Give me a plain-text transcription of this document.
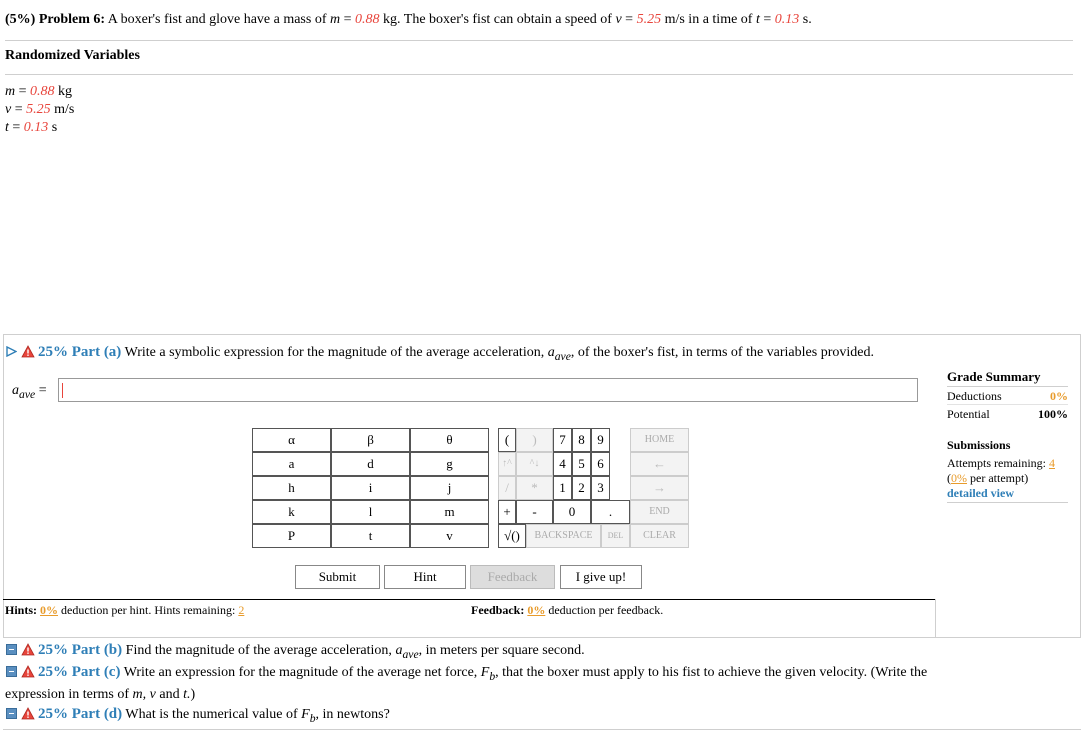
(5%) Problem 6: A boxer's fist and glove have a mass of m = 0.88 kg. The boxer's fist can obtain a speed of v = 5.25 m/s in a time of t = 0.13 s.
Randomized Variables
m = 0.88 kg
v = 5.25 m/s
t = 0.13 s
25% Part (a) Write a symbolic expression for the magnitude of the average acceleration, $a_{ave}$, of the boxer's fist, in terms of the variables provided.
$a_{ave}$ =
Grade Summary
Deductions	0%
Potential	100%
Submissions
Attempts remaining: 4
(0% per attempt)
detailed view
α	β	θ
a	d	g
h	i	j
k	l	m
P	t	v
(	)	7 8 9	HOME
↑^	^↓	4 5 6	←
/	*	1 2 3	→
+	-	0	.	END
√()	BACKSPACE	DEL	CLEAR
Submit	Hint	Feedback	I give up!
Hints: 0% deduction per hint. Hints remaining: 2	Feedback: 0% deduction per feedback.
25% Part (b) Find the magnitude of the average acceleration, $a_{ave}$, in meters per square second.
25% Part (c) Write an expression for the magnitude of the average net force, $F_b$, that the boxer must apply to his fist to achieve the given velocity. (Write the
expression in terms of m, v and t.)
25% Part (d) What is the numerical value of $F_b$, in newtons?
